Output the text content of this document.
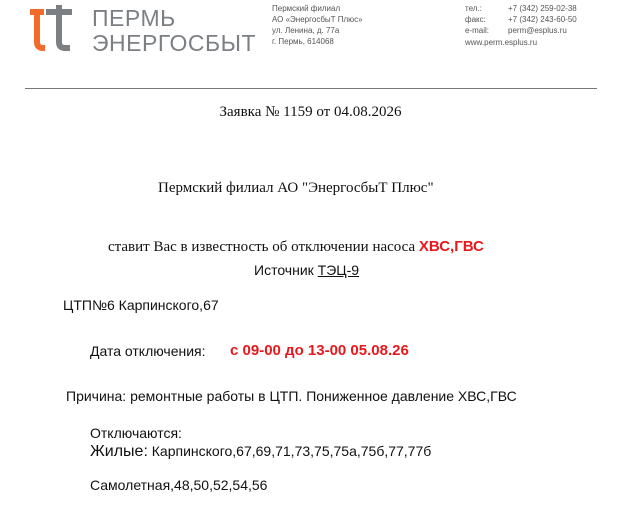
ПЕРМЬ
ЭНЕРГОСБЫТ
Пермский филиал
АО «ЭнергосбыТ Плюс»
ул. Ленина, д. 77а
г. Пермь, 614068
тел.:
факс:
e-mail:
+7 (342) 259-02-38
+7 (342) 243-60-50
perm@esplus.ru
www.perm.esplus.ru
Заявка № 1159 от 04.08.2026
Пермский филиал АО "ЭнергосбыТ Плюс"
ставит Вас в известность об отключении насоса ХВС,ГВС
Источник ТЭЦ-9
ЦТП№6 Карпинского,67
Дата отключения: с 09-00 до 13-00 05.08.26
Причина: ремонтные работы в ЦТП. Пониженное давление ХВС,ГВС
Отключаются:
Жилые: Карпинского,67,69,71,73,75,75а,75б,77,77б
Самолетная,48,50,52,54,56
